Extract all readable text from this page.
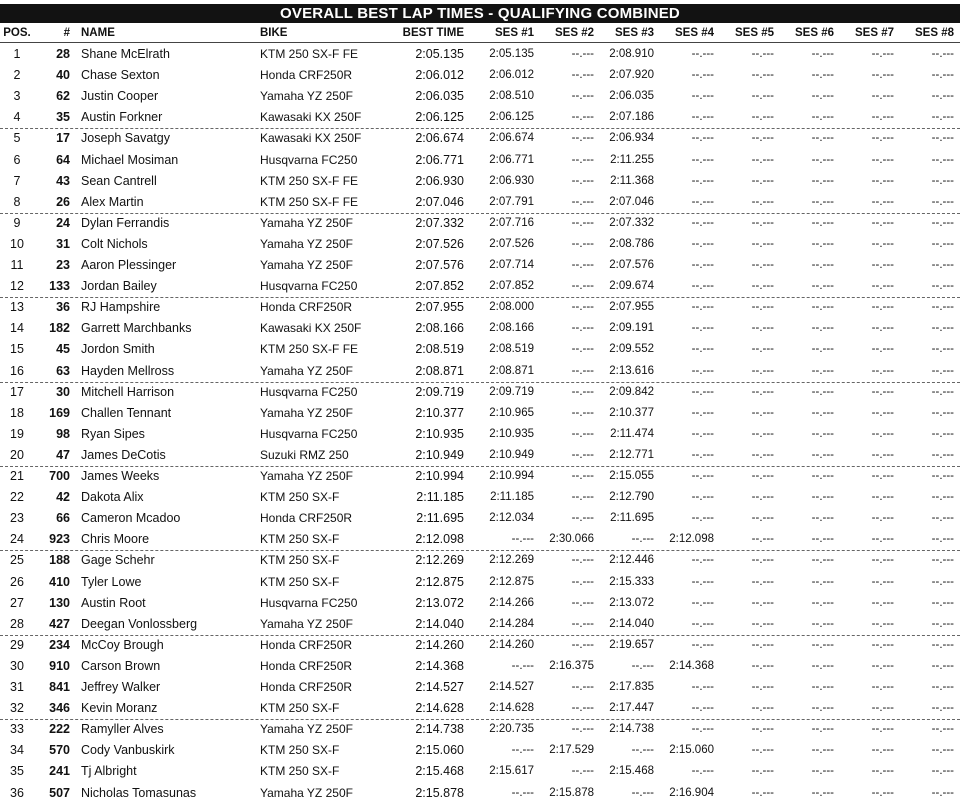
OVERALL BEST LAP TIMES - QUALIFYING COMBINED
POS.	# NAME	BIKE	BEST TIME	SES #1	SES #2	SES #3	SES #4	SES #5	SES #6	SES #7	SES #8
1	28 Shane McElrath	KTM 250 SX-F FE	2:05.135	2:05.135	--.---	2:08.910	--.---	--.---	--.---	--.---	--.---
2	40 Chase Sexton	Honda CRF250R	2:06.012	2:06.012	--.---	2:07.920	--.---	--.---	--.---	--.---	--.---
3	62 Justin Cooper	Yamaha YZ 250F	2:06.035	2:08.510	--.---	2:06.035	--.---	--.---	--.---	--.---	--.---
4	35 Austin Forkner	Kawasaki KX 250F	2:06.125	2:06.125	--.---	2:07.186	--.---	--.---	--.---	--.---	--.---
5	17 Joseph Savatgy	Kawasaki KX 250F	2:06.674	2:06.674	--.---	2:06.934	--.---	--.---	--.---	--.---	--.---
6	64 Michael Mosiman	Husqvarna FC250	2:06.771	2:06.771	--.---	2:11.255	--.---	--.---	--.---	--.---	--.---
7	43 Sean Cantrell	KTM 250 SX-F FE	2:06.930	2:06.930	--.---	2:11.368	--.---	--.---	--.---	--.---	--.---
8	26 Alex Martin	KTM 250 SX-F FE	2:07.046	2:07.791	--.---	2:07.046	--.---	--.---	--.---	--.---	--.---
9	24 Dylan Ferrandis	Yamaha YZ 250F	2:07.332	2:07.716	--.---	2:07.332	--.---	--.---	--.---	--.---	--.---
10	31 Colt Nichols	Yamaha YZ 250F	2:07.526	2:07.526	--.---	2:08.786	--.---	--.---	--.---	--.---	--.---
11	23 Aaron Plessinger	Yamaha YZ 250F	2:07.576	2:07.714	--.---	2:07.576	--.---	--.---	--.---	--.---	--.---
12	133 Jordan Bailey	Husqvarna FC250	2:07.852	2:07.852	--.---	2:09.674	--.---	--.---	--.---	--.---	--.---
13	36 RJ Hampshire	Honda CRF250R	2:07.955	2:08.000	--.---	2:07.955	--.---	--.---	--.---	--.---	--.---
14	182 Garrett Marchbanks	Kawasaki KX 250F	2:08.166	2:08.166	--.---	2:09.191	--.---	--.---	--.---	--.---	--.---
15	45 Jordon Smith	KTM 250 SX-F FE	2:08.519	2:08.519	--.---	2:09.552	--.---	--.---	--.---	--.---	--.---
16	63 Hayden Mellross	Yamaha YZ 250F	2:08.871	2:08.871	--.---	2:13.616	--.---	--.---	--.---	--.---	--.---
17	30 Mitchell Harrison	Husqvarna FC250	2:09.719	2:09.719	--.---	2:09.842	--.---	--.---	--.---	--.---	--.---
18	169 Challen Tennant	Yamaha YZ 250F	2:10.377	2:10.965	--.---	2:10.377	--.---	--.---	--.---	--.---	--.---
19	98 Ryan Sipes	Husqvarna FC250	2:10.935	2:10.935	--.---	2:11.474	--.---	--.---	--.---	--.---	--.---
20	47 James DeCotis	Suzuki RMZ 250	2:10.949	2:10.949	--.---	2:12.771	--.---	--.---	--.---	--.---	--.---
21	700 James Weeks	Yamaha YZ 250F	2:10.994	2:10.994	--.---	2:15.055	--.---	--.---	--.---	--.---	--.---
22	42 Dakota Alix	KTM 250 SX-F	2:11.185	2:11.185	--.---	2:12.790	--.---	--.---	--.---	--.---	--.---
23	66 Cameron Mcadoo	Honda CRF250R	2:11.695	2:12.034	--.---	2:11.695	--.---	--.---	--.---	--.---	--.---
24	923 Chris Moore	KTM 250 SX-F	2:12.098	--.---	2:30.066	--.---	2:12.098	--.---	--.---	--.---	--.---
25	188 Gage Schehr	KTM 250 SX-F	2:12.269	2:12.269	--.---	2:12.446	--.---	--.---	--.---	--.---	--.---
26	410 Tyler Lowe	KTM 250 SX-F	2:12.875	2:12.875	--.---	2:15.333	--.---	--.---	--.---	--.---	--.---
27	130 Austin Root	Husqvarna FC250	2:13.072	2:14.266	--.---	2:13.072	--.---	--.---	--.---	--.---	--.---
28	427 Deegan Vonlossberg	Yamaha YZ 250F	2:14.040	2:14.284	--.---	2:14.040	--.---	--.---	--.---	--.---	--.---
29	234 McCoy Brough	Honda CRF250R	2:14.260	2:14.260	--.---	2:19.657	--.---	--.---	--.---	--.---	--.---
30	910 Carson Brown	Honda CRF250R	2:14.368	--.---	2:16.375	--.---	2:14.368	--.---	--.---	--.---	--.---
31	841 Jeffrey Walker	Honda CRF250R	2:14.527	2:14.527	--.---	2:17.835	--.---	--.---	--.---	--.---	--.---
32	346 Kevin Moranz	KTM 250 SX-F	2:14.628	2:14.628	--.---	2:17.447	--.---	--.---	--.---	--.---	--.---
33	222 Ramyller Alves	Yamaha YZ 250F	2:14.738	2:20.735	--.---	2:14.738	--.---	--.---	--.---	--.---	--.---
34	570 Cody Vanbuskirk	KTM 250 SX-F	2:15.060	--.---	2:17.529	--.---	2:15.060	--.---	--.---	--.---	--.---
35	241 Tj Albright	KTM 250 SX-F	2:15.468	2:15.617	--.---	2:15.468	--.---	--.---	--.---	--.---	--.---
36	507 Nicholas Tomasunas	Yamaha YZ 250F	2:15.878	--.---	2:15.878	--.---	2:16.904	--.---	--.---	--.---	--.---
